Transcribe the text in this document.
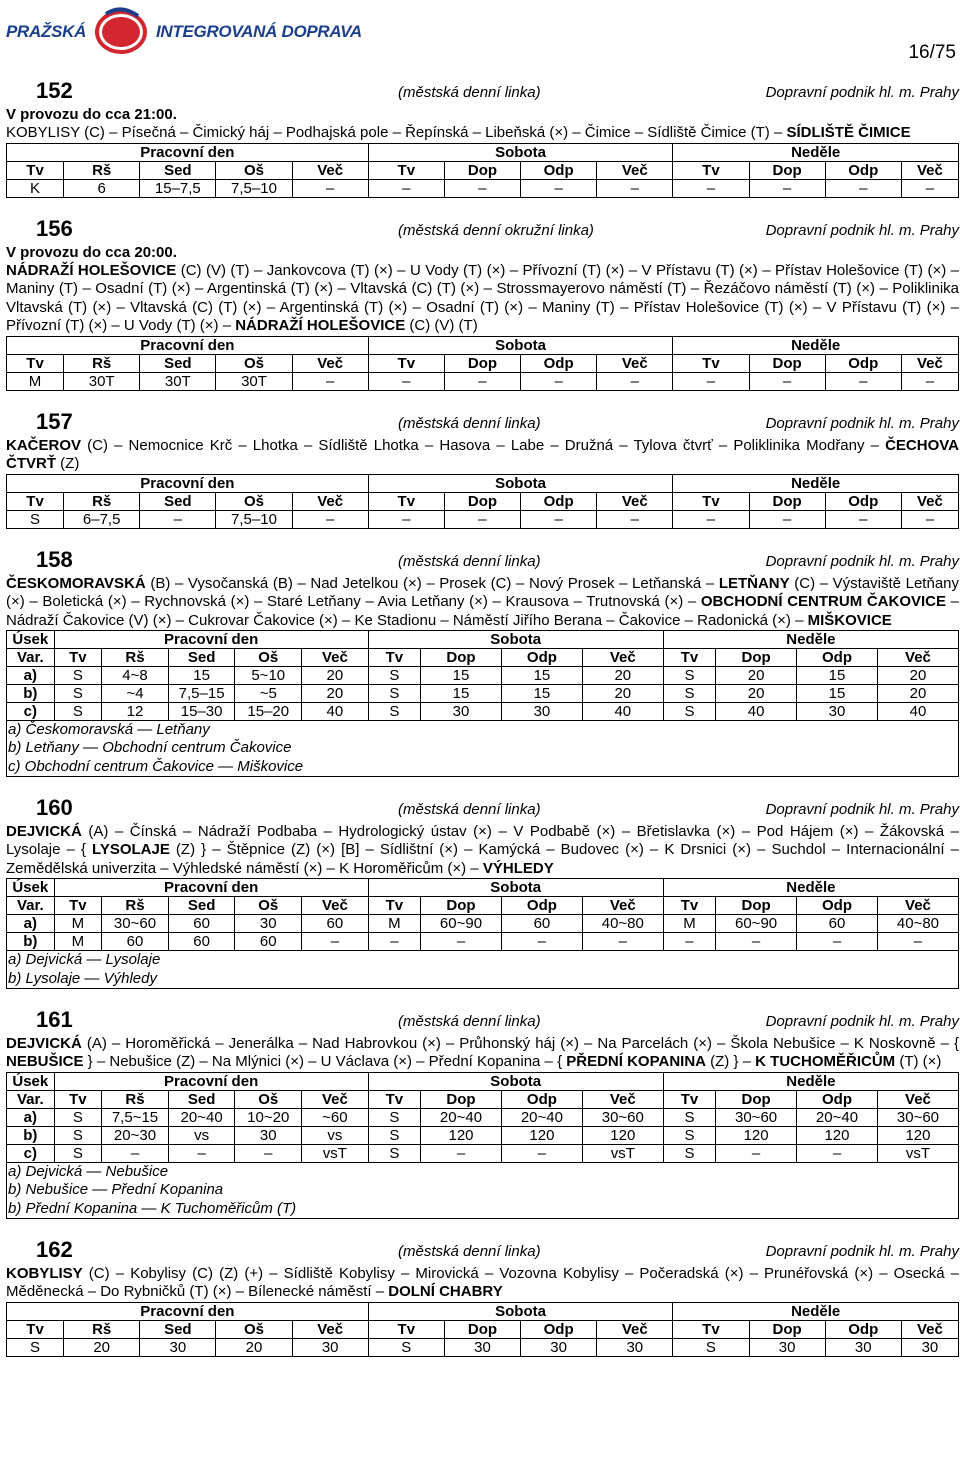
PRAŽSKÁ	INTEGROVANÁ DOPRAVA
16/75
152	(městská denní linka)	Dopravní podnik hl. m. Prahy
V provozu do cca 21:00.
KOBYLISY (C) – Písečná – Čimický háj – Podhajská pole – Řepínská – Libeňská (×) – Čimice – Sídliště Čimice (T) – SÍDLIŠTĚ ČIMICE
Pracovní den					Sobota				Neděle			
Tv	Rš	Sed	Oš	Več	Tv	Dop	Odp	Več	Tv	Dop	Odp	Več
K	6	15–7,5	7,5–10	–	–	–	–	–	–	–	–	–
156	(městská denní okružní linka)	Dopravní podnik hl. m. Prahy
V provozu do cca 20:00.
NÁDRAŽÍ HOLEŠOVICE (C) (V) (T) – Jankovcova (T) (×) – U Vody (T) (×) – Přívozní (T) (×) – V Přístavu (T) (×) – Přístav Holešovice (T) (×) – Maniny (T) – Osadní (T) (×) – Argentinská (T) (×) – Vltavská (C) (T) (×) – Strossmayerovo náměstí (T) – Řezáčovo náměstí (T) (×) – Poliklinika Vltavská (T) (×) – Vltavská (C) (T) (×) – Argentinská (T) (×) – Osadní (T) (×) – Maniny (T) – Přístav Holešovice (T) (×) – V Přístavu (T) (×) – Přívozní (T) (×) – U Vody (T) (×) – NÁDRAŽÍ HOLEŠOVICE (C) (V) (T)
Pracovní den					Sobota				Neděle			
Tv	Rš	Sed	Oš	Več	Tv	Dop	Odp	Več	Tv	Dop	Odp	Več
M	30T	30T	30T	–	–	–	–	–	–	–	–	–
157	(městská denní linka)	Dopravní podnik hl. m. Prahy
KAČEROV (C) – Nemocnice Krč – Lhotka – Sídliště Lhotka – Hasova – Labe – Družná – Tylova čtvrť – Poliklinika Modřany – ČECHOVA ČTVRŤ (Z)
Pracovní den					Sobota				Neděle			
Tv	Rš	Sed	Oš	Več	Tv	Dop	Odp	Več	Tv	Dop	Odp	Več
S	6–7,5	–	7,5–10	–	–	–	–	–	–	–	–	–
158	(městská denní linka)	Dopravní podnik hl. m. Prahy
ČESKOMORAVSKÁ (B) – Vysočanská (B) – Nad Jetelkou (×) – Prosek (C) – Nový Prosek – Letňanská – LETŇANY (C) – Výstaviště Letňany (×) – Boletická (×) – Rychnovská (×) – Staré Letňany – Avia Letňany (×) – Krausova – Trutnovská (×) – OBCHODNÍ CENTRUM ČAKOVICE – Nádraží Čakovice (V) (×) – Cukrovar Čakovice (×) – Ke Stadionu – Náměstí Jiřího Berana – Čakovice – Radonická (×) – MIŠKOVICE
Úsek	Pracovní den					Sobota				Neděle			
Var.	Tv	Rš	Sed	Oš	Več	Tv	Dop	Odp	Več	Tv	Dop	Odp	Več
a)	S	4~8	15	5~10	20	S	15	15	20	S	20	15	20
b)	S	~4	7,5–15	~5	20	S	15	15	20	S	20	15	20
c)	S	12	15–30	15–20	40	S	30	30	40	S	40	30	40
a) Českomoravská — Letňany
b) Letňany — Obchodní centrum Čakovice
c) Obchodní centrum Čakovice — Miškovice
160	(městská denní linka)	Dopravní podnik hl. m. Prahy
DEJVICKÁ (A) – Čínská – Nádraží Podbaba – Hydrologický ústav (×) – V Podbabě (×) – Břetislavka (×) – Pod Hájem (×) – Žákovská – Lysolaje – { LYSOLAJE (Z) } – Štěpnice (Z) (×) [B] – Sídlištní (×) – Kamýcká – Budovec (×) – K Drsnici (×) – Suchdol – Internacionální – Zemědělská univerzita – Výhledské náměstí (×) – K Horoměřicům (×) – VÝHLEDY
Úsek	Pracovní den					Sobota				Neděle			
Var.	Tv	Rš	Sed	Oš	Več	Tv	Dop	Odp	Več	Tv	Dop	Odp	Več
a)	M	30~60	60	30	60	M	60~90	60	40~80	M	60~90	60	40~80
b)	M	60	60	60	–	–	–	–	–	–	–	–	–
a) Dejvická — Lysolaje
b) Lysolaje — Výhledy
161	(městská denní linka)	Dopravní podnik hl. m. Prahy
DEJVICKÁ (A) – Horoměřická – Jenerálka – Nad Habrovkou (×) – Průhonský háj (×) – Na Parcelách (×) – Škola Nebušice – K Noskovně – { NEBUŠICE } – Nebušice (Z) – Na Mlýnici (×) – U Václava (×) – Přední Kopanina – { PŘEDNÍ KOPANINA (Z) } – K TUCHOMĚŘICŮM (T) (×)
Úsek	Pracovní den					Sobota				Neděle			
Var.	Tv	Rš	Sed	Oš	Več	Tv	Dop	Odp	Več	Tv	Dop	Odp	Več
a)	S	7,5~15	20~40	10~20	~60	S	20~40	20~40	30~60	S	30~60	20~40	30~60
b)	S	20~30	vs	30	vs	S	120	120	120	S	120	120	120
c)	S	–	–	–	vsT	S	–	–	vsT	S	–	–	vsT
a) Dejvická — Nebušice
b) Nebušice — Přední Kopanina
b) Přední Kopanina — K Tuchoměřicům (T)
162	(městská denní linka)	Dopravní podnik hl. m. Prahy
KOBYLISY (C) – Kobylisy (C) (Z) (+) – Sídliště Kobylisy – Mirovická – Vozovna Kobylisy – Počeradská (×) – Prunéřovská (×) – Osecká – Měděnecká – Do Rybničků (T) (×) – Bílenecké náměstí – DOLNÍ CHABRY
Pracovní den					Sobota				Neděle			
Tv	Rš	Sed	Oš	Več	Tv	Dop	Odp	Več	Tv	Dop	Odp	Več
S	20	30	20	30	S	30	30	30	S	30	30	30
